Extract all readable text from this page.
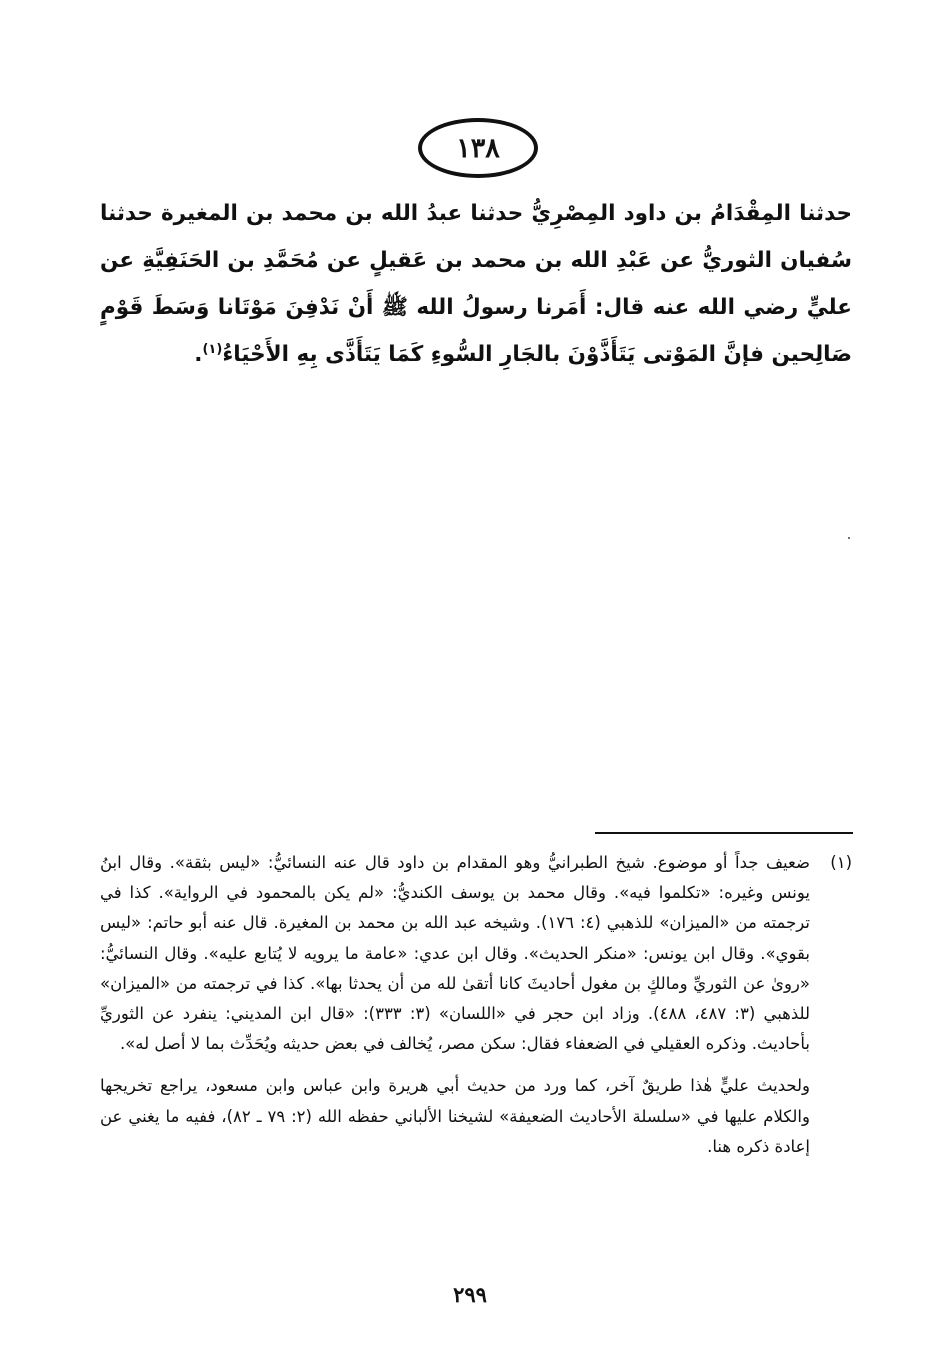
١٣٨

حدثنا المِقْدَامُ بن داود المِصْرِيُّ حدثنا عبدُ الله بن محمد بن المغيرة حدثنا سُفيان الثوريُّ عن عَبْدِ الله بن محمد بن عَقيلٍ عن مُحَمَّدِ بن الحَنَفِيَّةِ عن عليٍّ رضي الله عنه قال: أَمَرنا رسولُ الله ﷺ أَنْ نَدْفِنَ مَوْتَانا وَسَطَ قَوْمٍ صَالِحين فإنَّ المَوْتى يَتَأَذَّوْنَ بالجَارِ السُّوءِ كَمَا يَتَأَذَّى بِهِ الأَحْيَاءُ$^{(١)}$.

(١)

ضعيف جداً أو موضوع. شيخ الطبرانيُّ وهو المقدام بن داود قال عنه النسائيُّ: «ليس بثقة». وقال ابنُ يونس وغيره: «تكلموا فيه». وقال محمد بن يوسف الكنديُّ: «لم يكن بالمحمود في الرواية». كذا في ترجمته من «الميزان» للذهبي (٤: ١٧٦). وشيخه عبد الله بن محمد بن المغيرة. قال عنه أبو حاتم: «ليس بقوي». وقال ابن يونس: «منكر الحديث». وقال ابن عدي: «عامة ما يرويه لا يُتابع عليه». وقال النسائيُّ: «روىٰ عن الثوريِّ ومالكٍ بن مغول أحاديثَ كانا أتقىٰ لله من أن يحدثا بها». كذا في ترجمته من «الميزان» للذهبي (٣: ٤٨٧، ٤٨٨). وزاد ابن حجر في «اللسان» (٣: ٣٣٣): «قال ابن المديني: ينفرد عن الثوريِّ بأحاديث. وذكره العقيلي في الضعفاء فقال: سكن مصر، يُخالف في بعض حديثه ويُحَدِّث بما لا أصل له».

ولحديث عليٍّ هٰذا طريقٌ آخر، كما ورد من حديث أبي هريرة وابن عباس وابن مسعود، يراجع تخريجها والكلام عليها في «سلسلة الأحاديث الضعيفة» لشيخنا الألباني حفظه الله (٢: ٧٩ ـ ٨٢)، ففيه ما يغني عن إعادة ذكره هنا.

٢٩٩
